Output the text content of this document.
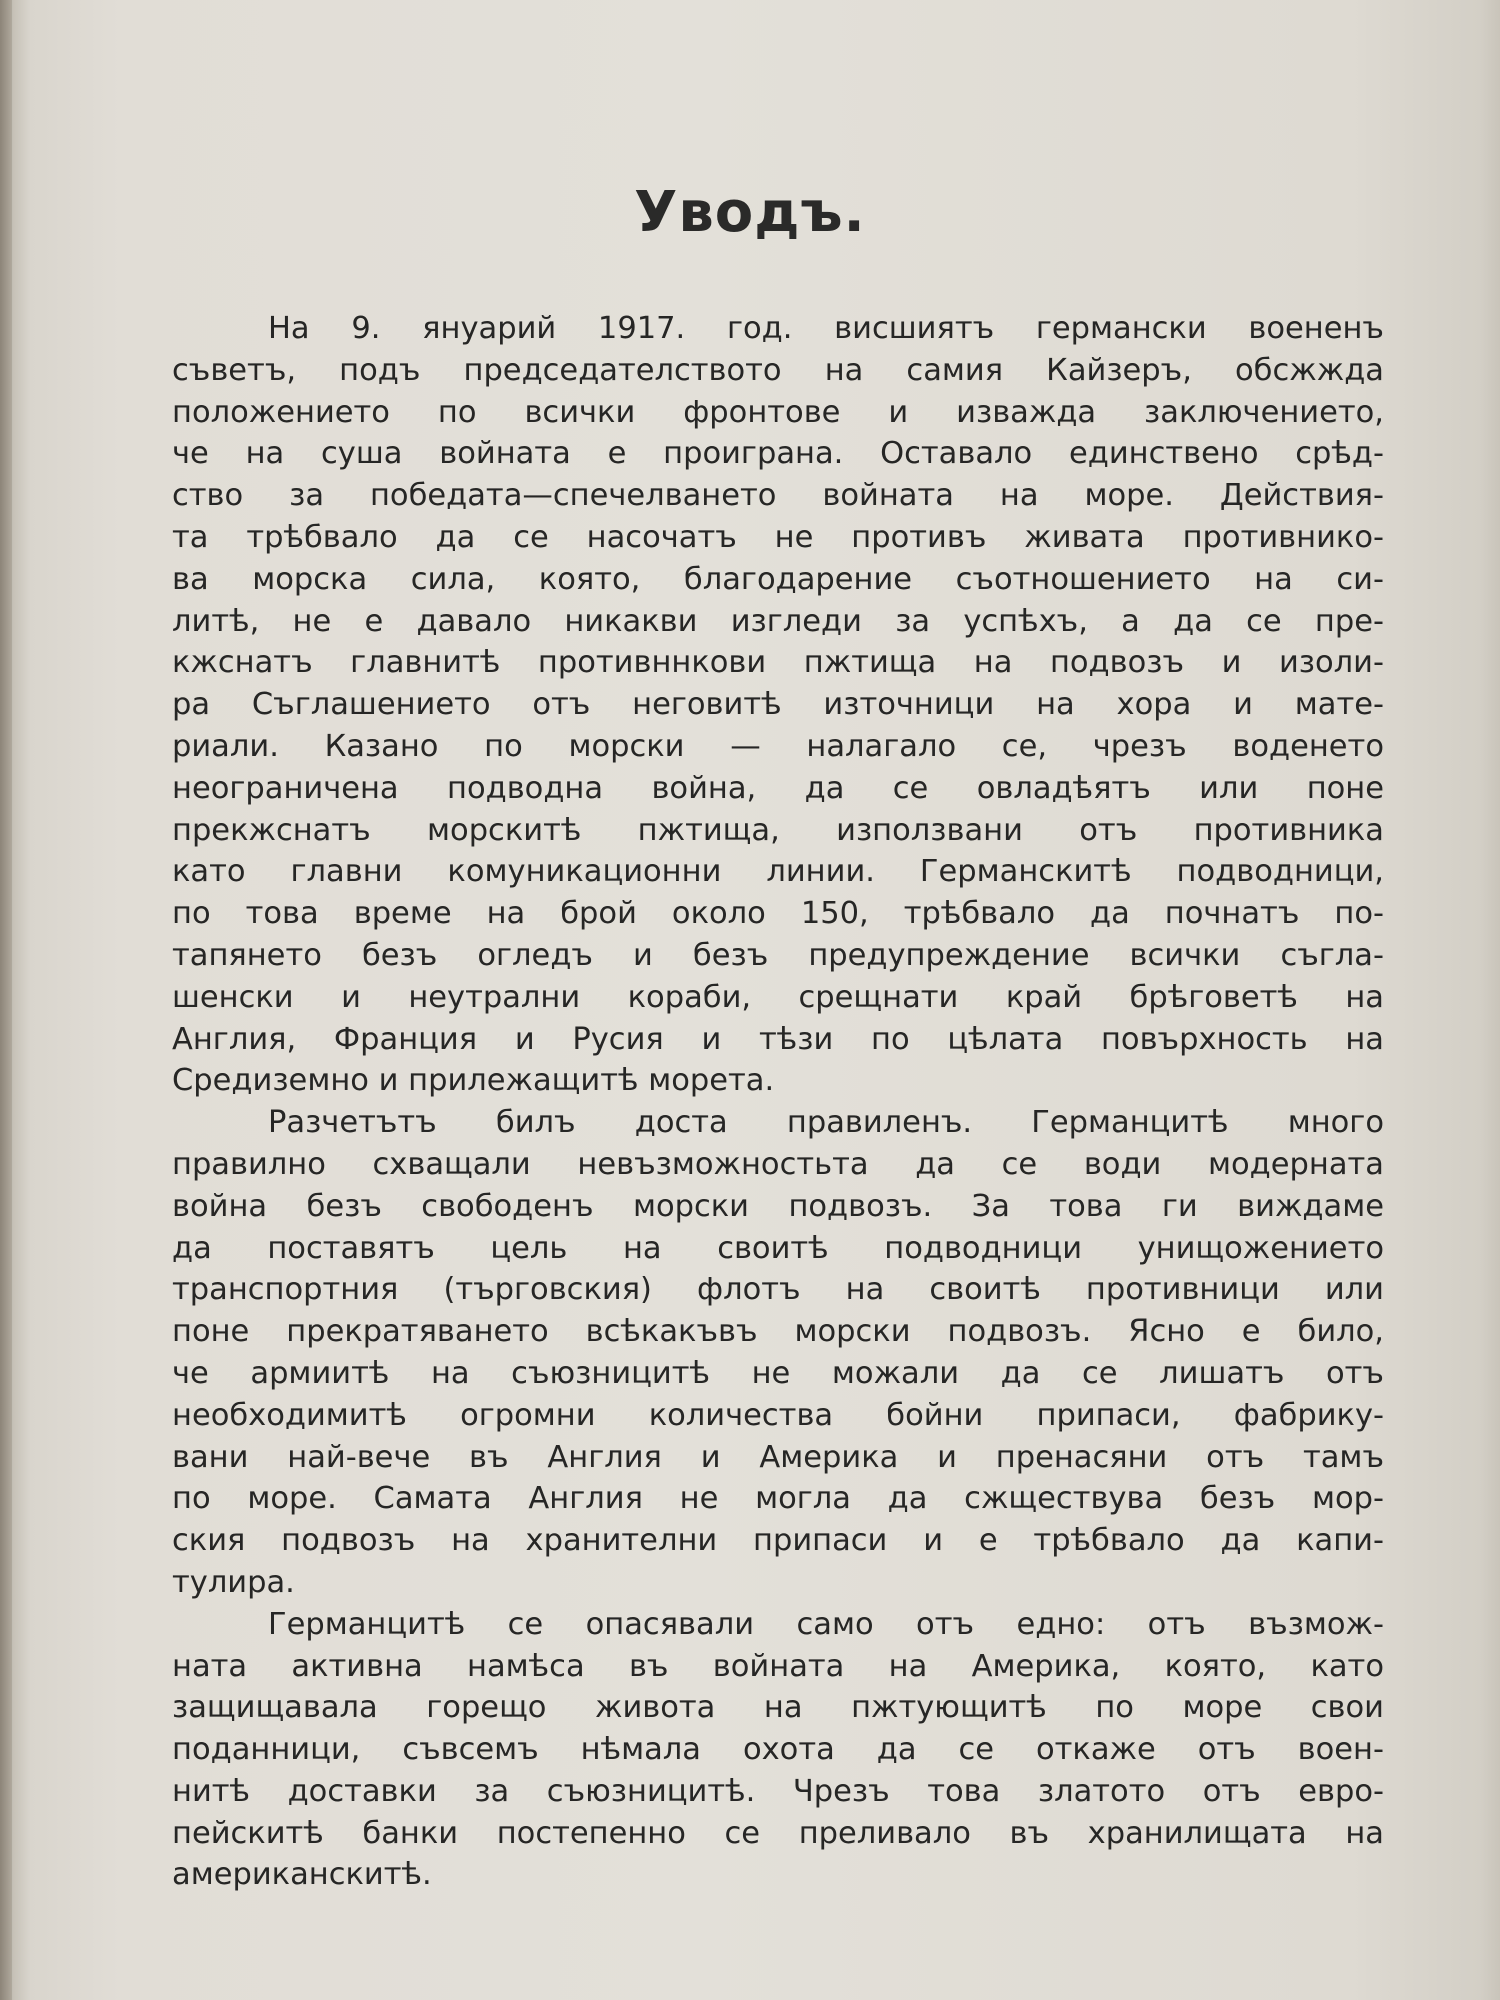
Уводъ.
На 9. януарий 1917. год. висшиятъ германски воененъ
съветъ, подъ председателството на самия Кайзеръ, обсжжда
положението по всички фронтове и изважда заключението,
че на суша войната е проиграна. Оставало единствено срѣд-
ство за победата—спечелването войната на море. Действия-
та трѣбвало да се насочатъ не противъ живата противнико-
ва морска сила, която, благодарение съотношението на си-
литѣ, не е давало никакви изгледи за успѣхъ, а да се пре-
кжснатъ главнитѣ противннкови пжтища на подвозъ и изоли-
ра Съглашението отъ неговитѣ източници на хора и мате-
риали. Казано по морски — налагало се, чрезъ воденето
неограничена подводна война, да се овладѣятъ или поне
прекжснатъ морскитѣ пжтища, използвани отъ противника
като главни комуникационни линии. Германскитѣ подводници,
по това време на брой около 150, трѣбвало да почнатъ по-
тапянето безъ огледъ и безъ предупреждение всички съгла-
шенски и неутрални кораби, срещнати край брѣговетѣ на
Англия, Франция и Русия и тѣзи по цѣлата повърхность на
Средиземно и прилежащитѣ морета.
Разчетътъ билъ доста правиленъ. Германцитѣ много
правилно схващали невъзможностьта да се води модерната
война безъ свободенъ морски подвозъ. За това ги виждаме
да поставятъ цель на своитѣ подводници унищожението
транспортния (търговския) флотъ на своитѣ противници или
поне прекратяването всѣкакъвъ морски подвозъ. Ясно е било,
че армиитѣ на съюзницитѣ не можали да се лишатъ отъ
необходимитѣ огромни количества бойни припаси, фабрику-
вани най-вече въ Англия и Америка и пренасяни отъ тамъ
по море. Самата Англия не могла да сжществува безъ мор-
ския подвозъ на хранителни припаси и е трѣбвало да капи-
тулира.
Германцитѣ се опасявали само отъ едно: отъ възмож-
ната активна намѣса въ войната на Америка, която, като
защищавала горещо живота на пжтующитѣ по море свои
поданници, съвсемъ нѣмала охота да се откаже отъ воен-
нитѣ доставки за съюзницитѣ. Чрезъ това златото отъ евро-
пейскитѣ банки постепенно се преливало въ хранилищата на
американскитѣ.
